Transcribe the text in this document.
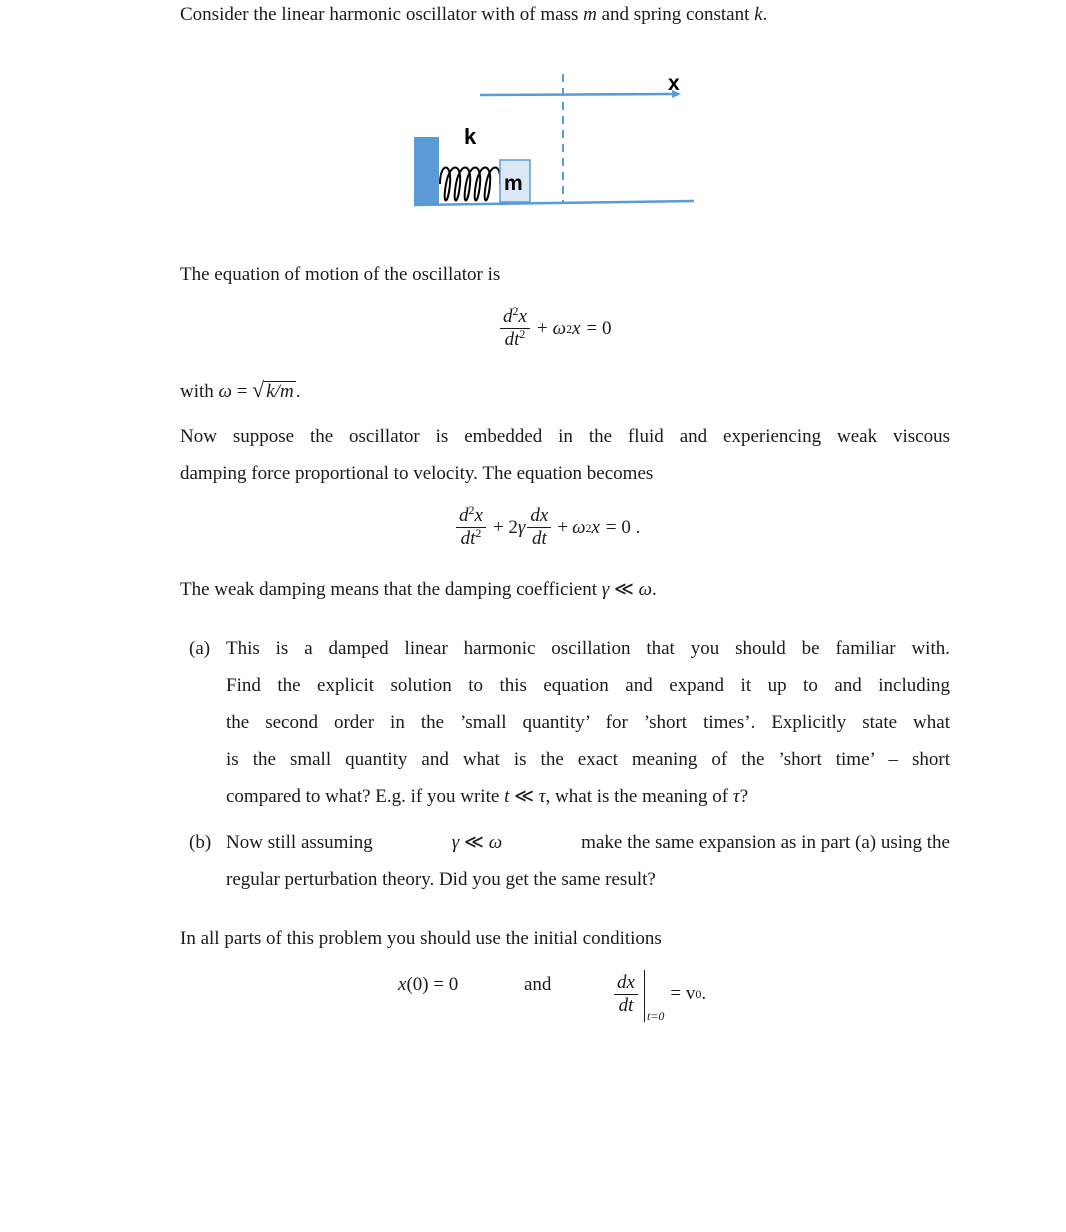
Consider the linear harmonic oscillator with of mass m and spring constant k.
x
k
m
The equation of motion of the oscillator is
$\frac{d^2x}{dt^2} + \omega$ 2 x = 0
with ω = √ k/m .
Now suppose the oscillator is embedded in the fluid and experiencing weak viscous
damping force proportional to velocity. The equation becomes
$\frac{d^2x}{dt^2} + 2$ γ $\frac{dx}{dt} + \omega$ 2 x = 0 .
The weak damping means that the damping coefficient γ ≪ ω.
(a) This is a damped linear harmonic oscillation that you should be familiar with.
Find the explicit solution to this equation and expand it up to and including
the second order in the ’small quantity’ for ’short times’. Explicitly state what
is the small quantity and what is the exact meaning of the ’short time’ – short
compared to what? E.g. if you write t ≪ τ, what is the meaning of τ?
(b) Now still assuming	γ ≪ ω	make the same expansion as in part (a) using the
regular perturbation theory. Did you get the same result?
In all parts of this problem you should use the initial conditions
x (0) = 0	and	$\frac{dx}{dt} t=0$
= v 0 .
